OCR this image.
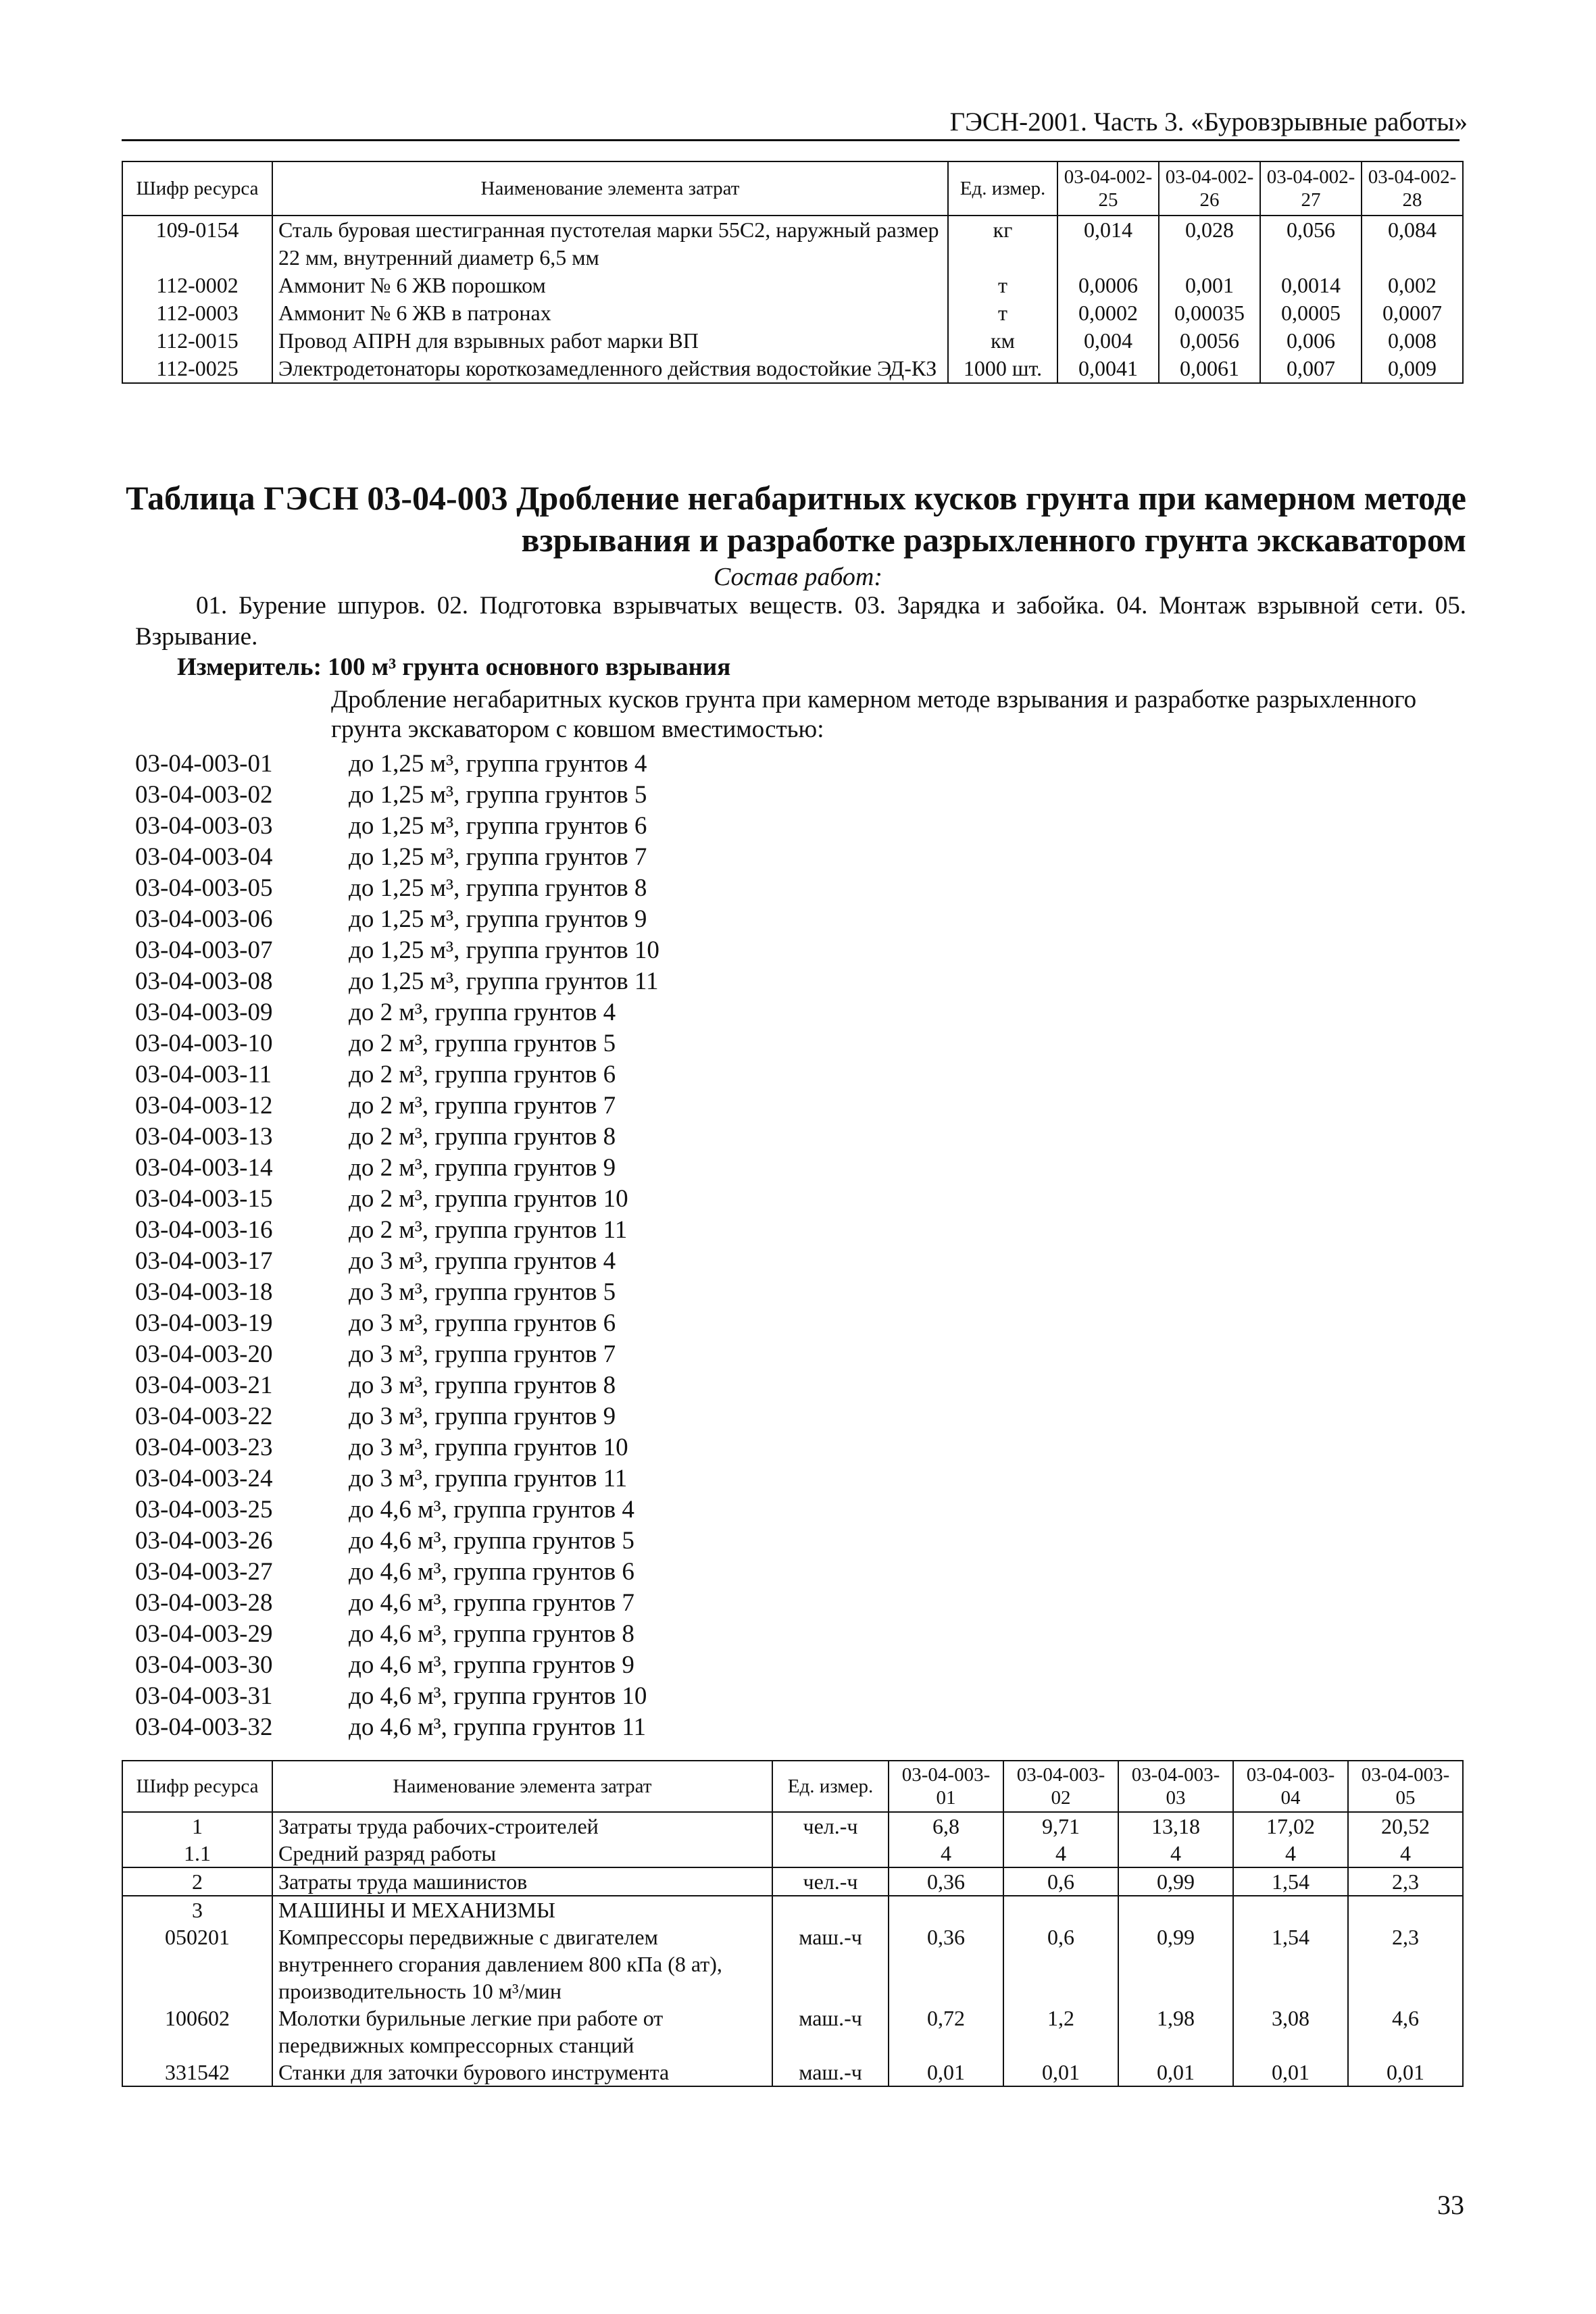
ГЭСН-2001. Часть 3. «Буровзрывные работы»
Шифр ресурса	Наименование элемента затрат	Ед. измер.	03-04-002-25	03-04-002-26	03-04-002-27	03-04-002-28
109-0154	Сталь буровая шестигранная пустотелая марки 55С2, наружный размер 22 мм, внутренний диаметр 6,5 мм	кг	0,014	0,028	0,056	0,084
112-0002	Аммонит № 6 ЖВ порошком	т	0,0006	0,001	0,0014	0,002
112-0003	Аммонит № 6 ЖВ в патронах	т	0,0002	0,00035	0,0005	0,0007
112-0015	Провод АПРН для взрывных работ марки ВП	км	0,004	0,0056	0,006	0,008
112-0025	Электродетонаторы короткозамедленного действия водостойкие ЭД-КЗ	1000 шт.	0,0041	0,0061	0,007	0,009
Таблица ГЭСН 03-04-003 Дробление негабаритных кусков грунта при камерном методе
взрывания и разработке разрыхленного грунта экскаватором
Состав работ:
01. Бурение шпуров. 02. Подготовка взрывчатых веществ. 03. Зарядка и забойка. 04. Монтаж взрывной сети. 05. Взрывание.
Измеритель: 100 м³ грунта основного взрывания
Дробление негабаритных кусков грунта при камерном методе взрывания и разработке разрыхленного грунта экскаватором с ковшом вместимостью:
03-04-003-01	до 1,25 м³, группа грунтов 4
03-04-003-02	до 1,25 м³, группа грунтов 5
03-04-003-03	до 1,25 м³, группа грунтов 6
03-04-003-04	до 1,25 м³, группа грунтов 7
03-04-003-05	до 1,25 м³, группа грунтов 8
03-04-003-06	до 1,25 м³, группа грунтов 9
03-04-003-07	до 1,25 м³, группа грунтов 10
03-04-003-08	до 1,25 м³, группа грунтов 11
03-04-003-09	до 2 м³, группа грунтов 4
03-04-003-10	до 2 м³, группа грунтов 5
03-04-003-11	до 2 м³, группа грунтов 6
03-04-003-12	до 2 м³, группа грунтов 7
03-04-003-13	до 2 м³, группа грунтов 8
03-04-003-14	до 2 м³, группа грунтов 9
03-04-003-15	до 2 м³, группа грунтов 10
03-04-003-16	до 2 м³, группа грунтов 11
03-04-003-17	до 3 м³, группа грунтов 4
03-04-003-18	до 3 м³, группа грунтов 5
03-04-003-19	до 3 м³, группа грунтов 6
03-04-003-20	до 3 м³, группа грунтов 7
03-04-003-21	до 3 м³, группа грунтов 8
03-04-003-22	до 3 м³, группа грунтов 9
03-04-003-23	до 3 м³, группа грунтов 10
03-04-003-24	до 3 м³, группа грунтов 11
03-04-003-25	до 4,6 м³, группа грунтов 4
03-04-003-26	до 4,6 м³, группа грунтов 5
03-04-003-27	до 4,6 м³, группа грунтов 6
03-04-003-28	до 4,6 м³, группа грунтов 7
03-04-003-29	до 4,6 м³, группа грунтов 8
03-04-003-30	до 4,6 м³, группа грунтов 9
03-04-003-31	до 4,6 м³, группа грунтов 10
03-04-003-32	до 4,6 м³, группа грунтов 11
Шифр ресурса	Наименование элемента затрат	Ед. измер.	03-04-003-01	03-04-003-02	03-04-003-03	03-04-003-04	03-04-003-05
1	Затраты труда рабочих-строителей	чел.-ч	6,8	9,71	13,18	17,02	20,52
1.1	Средний разряд работы		4	4	4	4	4
2	Затраты труда машинистов	чел.-ч	0,36	0,6	0,99	1,54	2,3
3	МАШИНЫ И МЕХАНИЗМЫ						
050201	Компрессоры передвижные с двигателем внутреннего сгорания давлением 800 кПа (8 ат), производительность 10 м³/мин	маш.-ч	0,36	0,6	0,99	1,54	2,3
100602	Молотки бурильные легкие при работе от передвижных компрессорных станций	маш.-ч	0,72	1,2	1,98	3,08	4,6
331542	Станки для заточки бурового инструмента	маш.-ч	0,01	0,01	0,01	0,01	0,01
33
